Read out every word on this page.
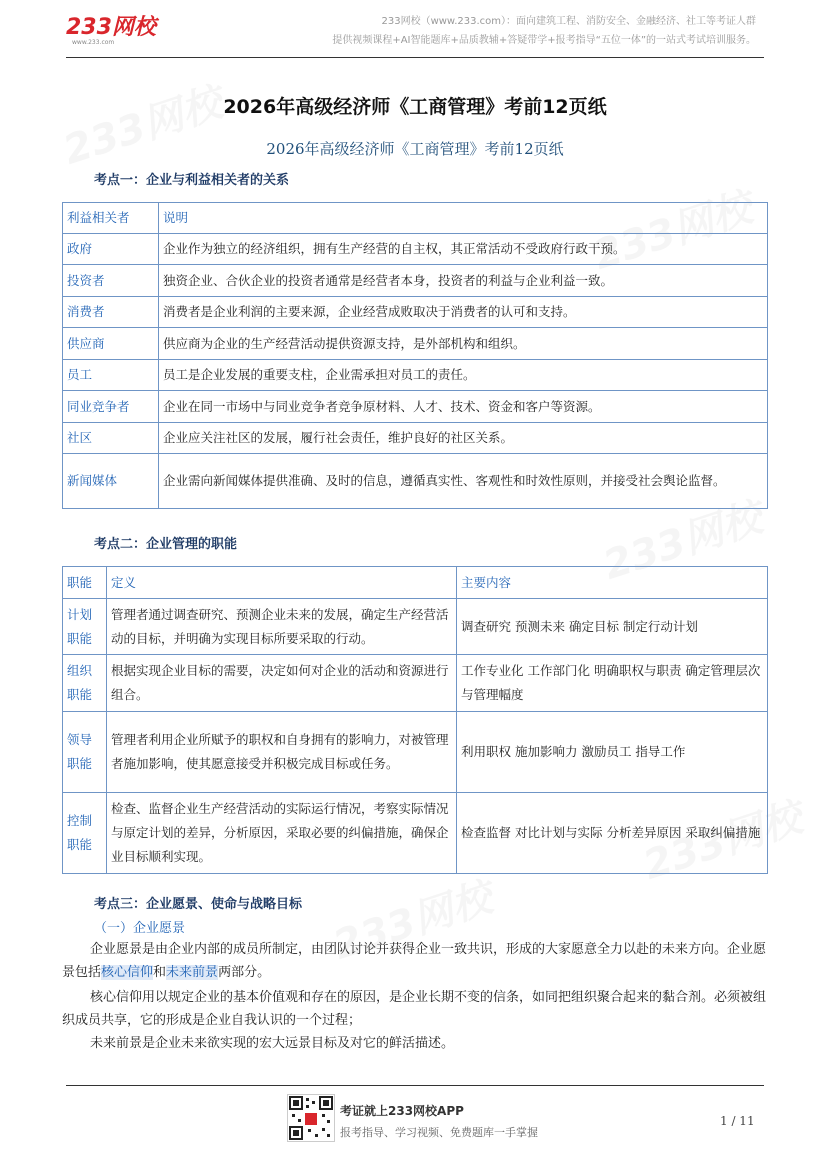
233网校
www.233.com
233网校（www.233.com）：面向建筑工程、消防安全、金融经济、社工等考证人群
提供视频课程+AI智能题库+品质教辅+答疑带学+报考指导“五位一体”的一站式考试培训服务。
2026年高级经济师《工商管理》考前12页纸
2026年高级经济师《工商管理》考前12页纸
考点一：企业与利益相关者的关系
利益相关者	说明
政府	企业作为独立的经济组织，拥有生产经营的自主权，其正常活动不受政府行政干预。
投资者	独资企业、合伙企业的投资者通常是经营者本身，投资者的利益与企业利益一致。
消费者	消费者是企业利润的主要来源，企业经营成败取决于消费者的认可和支持。
供应商	供应商为企业的生产经营活动提供资源支持，是外部机构和组织。
员工	员工是企业发展的重要支柱，企业需承担对员工的责任。
同业竞争者	企业在同一市场中与同业竞争者竞争原材料、人才、技术、资金和客户等资源。
社区	企业应关注社区的发展，履行社会责任，维护良好的社区关系。
新闻媒体	企业需向新闻媒体提供准确、及时的信息，遵循真实性、客观性和时效性原则，并接受社会舆论监督。
考点二：企业管理的职能
职能	定义	主要内容
计划职能	管理者通过调查研究、预测企业未来的发展，确定生产经营活动的目标，并明确为实现目标所要采取的行动。	调查研究 预测未来 确定目标 制定行动计划
组织职能	根据实现企业目标的需要，决定如何对企业的活动和资源进行组合。	工作专业化 工作部门化 明确职权与职责 确定管理层次与管理幅度
领导职能	管理者利用企业所赋予的职权和自身拥有的影响力，对被管理者施加影响，使其愿意接受并积极完成目标或任务。	利用职权 施加影响力 激励员工 指导工作
控制职能	检查、监督企业生产经营活动的实际运行情况，考察实际情况与原定计划的差异，分析原因，采取必要的纠偏措施，确保企业目标顺利实现。	检查监督 对比计划与实际 分析差异原因 采取纠偏措施
考点三：企业愿景、使命与战略目标
（一）企业愿景
企业愿景是由企业内部的成员所制定，由团队讨论并获得企业一致共识，形成的大家愿意全力以赴的未来方向。企业愿景包括核心信仰和未来前景两部分。
核心信仰用以规定企业的基本价值观和存在的原因，是企业长期不变的信条，如同把组织聚合起来的黏合剂。必须被组织成员共享，它的形成是企业自我认识的一个过程；
未来前景是企业未来欲实现的宏大远景目标及对它的鲜活描述。
考证就上233网校APP
报考指导、学习视频、免费题库一手掌握
1 / 11
